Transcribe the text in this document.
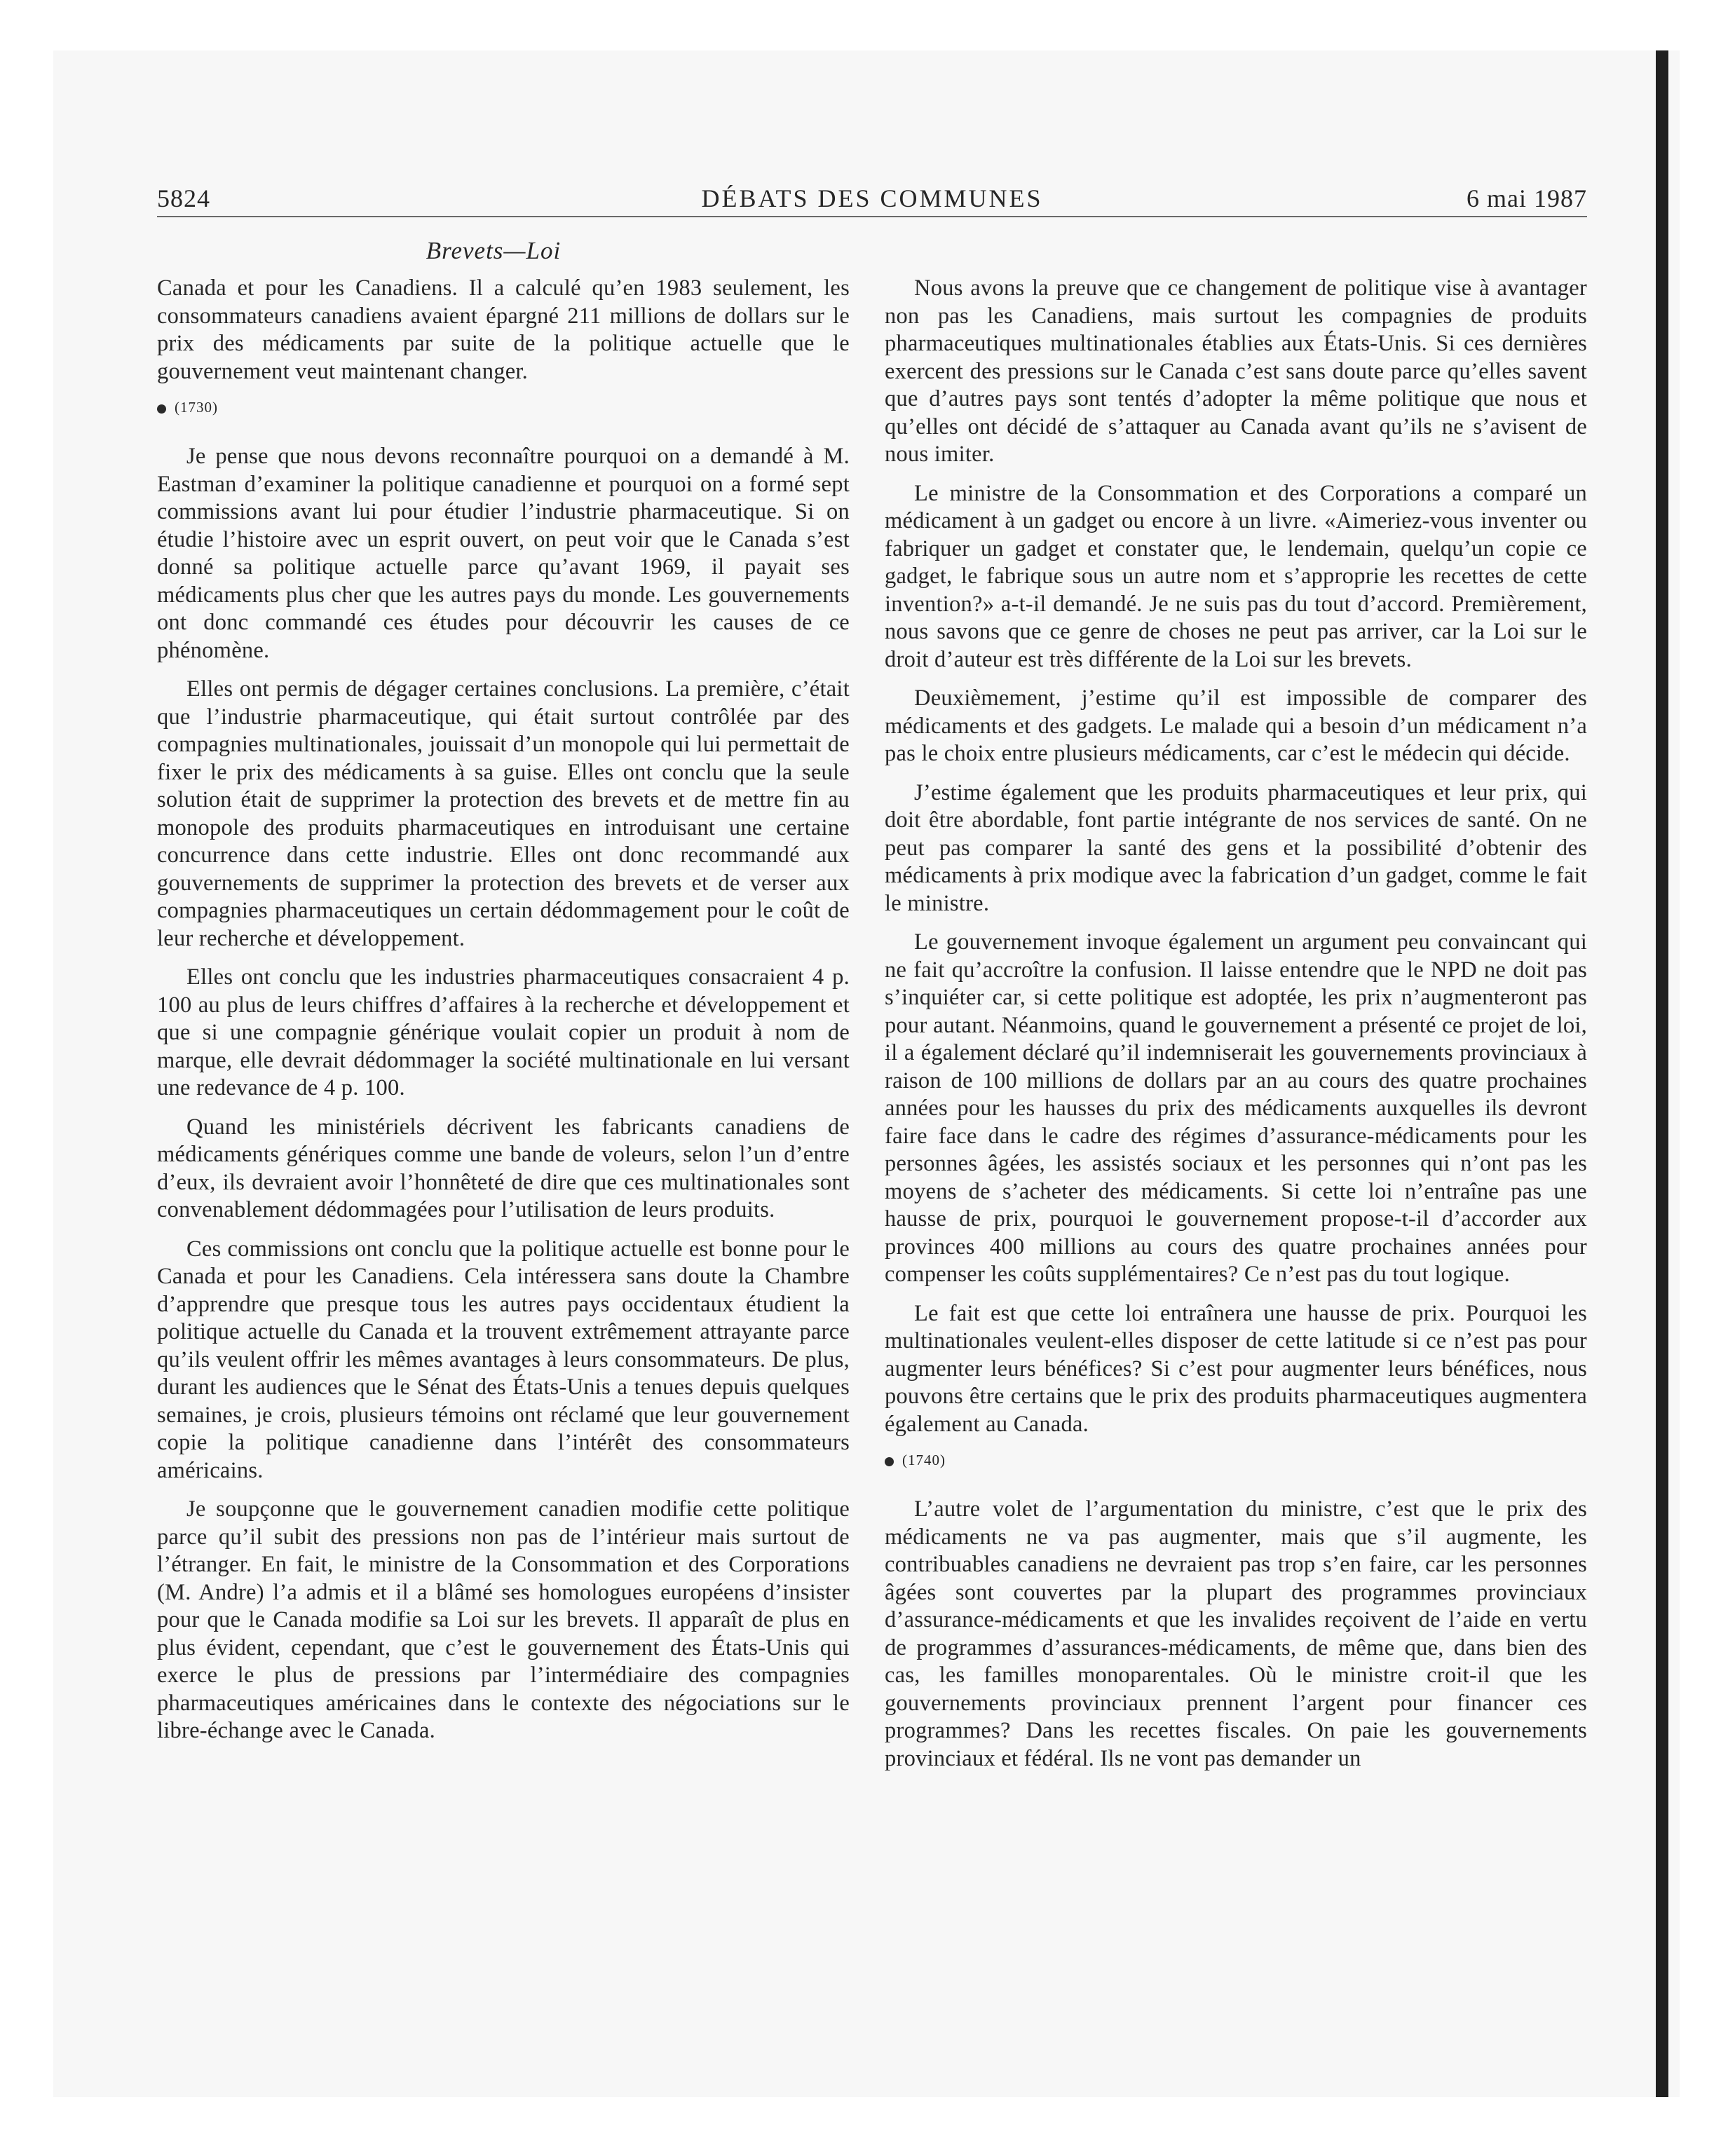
5824	DÉBATS DES COMMUNES	6 mai 1987
Brevets—Loi

Canada et pour les Canadiens. Il a calculé qu’en 1983 seulement, les consommateurs canadiens avaient épargné 211 millions de dollars sur le prix des médicaments par suite de la politique actuelle que le gouvernement veut maintenant changer.

(1730)

Je pense que nous devons reconnaître pourquoi on a demandé à M. Eastman d’examiner la politique canadienne et pourquoi on a formé sept commissions avant lui pour étudier l’industrie pharmaceutique. Si on étudie l’histoire avec un esprit ouvert, on peut voir que le Canada s’est donné sa politique actuelle parce qu’avant 1969, il payait ses médicaments plus cher que les autres pays du monde. Les gouvernements ont donc commandé ces études pour découvrir les causes de ce phénomène.

Elles ont permis de dégager certaines conclusions. La première, c’était que l’industrie pharmaceutique, qui était surtout contrôlée par des compagnies multinationales, jouissait d’un monopole qui lui permettait de fixer le prix des médicaments à sa guise. Elles ont conclu que la seule solution était de supprimer la protection des brevets et de mettre fin au monopole des produits pharmaceutiques en introduisant une certaine concurrence dans cette industrie. Elles ont donc recommandé aux gouvernements de supprimer la protection des brevets et de verser aux compagnies pharmaceutiques un certain dédommagement pour le coût de leur recherche et développement.

Elles ont conclu que les industries pharmaceutiques consacraient 4 p. 100 au plus de leurs chiffres d’affaires à la recherche et développement et que si une compagnie générique voulait copier un produit à nom de marque, elle devrait dédommager la société multinationale en lui versant une redevance de 4 p. 100.

Quand les ministériels décrivent les fabricants canadiens de médicaments génériques comme une bande de voleurs, selon l’un d’entre d’eux, ils devraient avoir l’honnêteté de dire que ces multinationales sont convenablement dédommagées pour l’utilisation de leurs produits.

Ces commissions ont conclu que la politique actuelle est bonne pour le Canada et pour les Canadiens. Cela intéressera sans doute la Chambre d’apprendre que presque tous les autres pays occidentaux étudient la politique actuelle du Canada et la trouvent extrêmement attrayante parce qu’ils veulent offrir les mêmes avantages à leurs consommateurs. De plus, durant les audiences que le Sénat des États-Unis a tenues depuis quelques semaines, je crois, plusieurs témoins ont réclamé que leur gouvernement copie la politique canadienne dans l’intérêt des consommateurs américains.

Je soupçonne que le gouvernement canadien modifie cette politique parce qu’il subit des pressions non pas de l’intérieur mais surtout de l’étranger. En fait, le ministre de la Consommation et des Corporations (M. Andre) l’a admis et il a blâmé ses homologues européens d’insister pour que le Canada modifie sa Loi sur les brevets. Il apparaît de plus en plus évident, cependant, que c’est le gouvernement des États-Unis qui exerce le plus de pressions par l’intermédiaire des compagnies pharmaceutiques américaines dans le contexte des négociations sur le libre-échange avec le Canada.

Nous avons la preuve que ce changement de politique vise à avantager non pas les Canadiens, mais surtout les compagnies de produits pharmaceutiques multinationales établies aux États-Unis. Si ces dernières exercent des pressions sur le Canada c’est sans doute parce qu’elles savent que d’autres pays sont tentés d’adopter la même politique que nous et qu’elles ont décidé de s’attaquer au Canada avant qu’ils ne s’avisent de nous imiter.

Le ministre de la Consommation et des Corporations a comparé un médicament à un gadget ou encore à un livre. «Aimeriez-vous inventer ou fabriquer un gadget et constater que, le lendemain, quelqu’un copie ce gadget, le fabrique sous un autre nom et s’approprie les recettes de cette invention?» a-t-il demandé. Je ne suis pas du tout d’accord. Premièrement, nous savons que ce genre de choses ne peut pas arriver, car la Loi sur le droit d’auteur est très différente de la Loi sur les brevets.

Deuxièmement, j’estime qu’il est impossible de comparer des médicaments et des gadgets. Le malade qui a besoin d’un médicament n’a pas le choix entre plusieurs médicaments, car c’est le médecin qui décide.

J’estime également que les produits pharmaceutiques et leur prix, qui doit être abordable, font partie intégrante de nos services de santé. On ne peut pas comparer la santé des gens et la possibilité d’obtenir des médicaments à prix modique avec la fabrication d’un gadget, comme le fait le ministre.

Le gouvernement invoque également un argument peu convaincant qui ne fait qu’accroître la confusion. Il laisse entendre que le NPD ne doit pas s’inquiéter car, si cette politique est adoptée, les prix n’augmenteront pas pour autant. Néanmoins, quand le gouvernement a présenté ce projet de loi, il a également déclaré qu’il indemniserait les gouvernements provinciaux à raison de 100 millions de dollars par an au cours des quatre prochaines années pour les hausses du prix des médicaments auxquelles ils devront faire face dans le cadre des régimes d’assurance-médicaments pour les personnes âgées, les assistés sociaux et les personnes qui n’ont pas les moyens de s’acheter des médicaments. Si cette loi n’entraîne pas une hausse de prix, pourquoi le gouvernement propose-t-il d’accorder aux provinces 400 millions au cours des quatre prochaines années pour compenser les coûts supplémentaires? Ce n’est pas du tout logique.

Le fait est que cette loi entraînera une hausse de prix. Pourquoi les multinationales veulent-elles disposer de cette latitude si ce n’est pas pour augmenter leurs bénéfices? Si c’est pour augmenter leurs bénéfices, nous pouvons être certains que le prix des produits pharmaceutiques augmentera également au Canada.

(1740)

L’autre volet de l’argumentation du ministre, c’est que le prix des médicaments ne va pas augmenter, mais que s’il augmente, les contribuables canadiens ne devraient pas trop s’en faire, car les personnes âgées sont couvertes par la plupart des programmes provinciaux d’assurance-médicaments et que les invalides reçoivent de l’aide en vertu de programmes d’assurances-médicaments, de même que, dans bien des cas, les familles monoparentales. Où le ministre croit-il que les gouvernements provinciaux prennent l’argent pour financer ces programmes? Dans les recettes fiscales. On paie les gouvernements provinciaux et fédéral. Ils ne vont pas demander un
